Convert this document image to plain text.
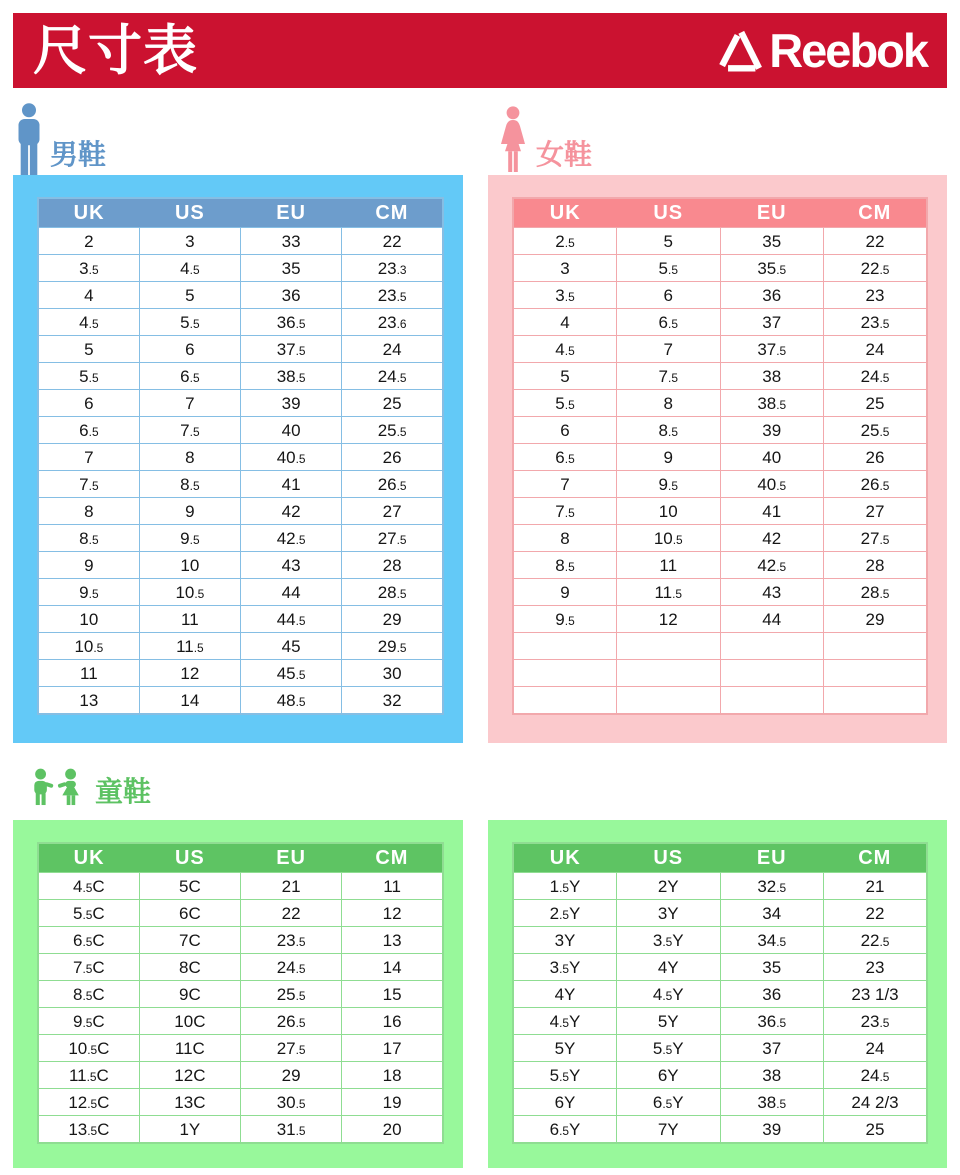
尺寸表	Reebok
男鞋	女鞋
童鞋
UK	US	EU	CM
2	3	33	22
3.5	4.5	35	23.3
4	5	36	23.5
4.5	5.5	36.5	23.6
5	6	37.5	24
5.5	6.5	38.5	24.5
6	7	39	25
6.5	7.5	40	25.5
7	8	40.5	26
7.5	8.5	41	26.5
8	9	42	27
8.5	9.5	42.5	27.5
9	10	43	28
9.5	10.5	44	28.5
10	11	44.5	29
10.5	11.5	45	29.5
11	12	45.5	30
13	14	48.5	32
UK	US	EU	CM
2.5	5	35	22
3	5.5	35.5	22.5
3.5	6	36	23
4	6.5	37	23.5
4.5	7	37.5	24
5	7.5	38	24.5
5.5	8	38.5	25
6	8.5	39	25.5
6.5	9	40	26
7	9.5	40.5	26.5
7.5	10	41	27
8	10.5	42	27.5
8.5	11	42.5	28
9	11.5	43	28.5
9.5	12	44	29

UK	US	EU	CM
4.5C	5C	21	11
5.5C	6C	22	12
6.5C	7C	23.5	13
7.5C	8C	24.5	14
8.5C	9C	25.5	15
9.5C	10C	26.5	16
10.5C	11C	27.5	17
11.5C	12C	29	18
12.5C	13C	30.5	19
13.5C	1Y	31.5	20
UK	US	EU	CM
1.5Y	2Y	32.5	21
2.5Y	3Y	34	22
3Y	3.5Y	34.5	22.5
3.5Y	4Y	35	23
4Y	4.5Y	36	23 1/3
4.5Y	5Y	36.5	23.5
5Y	5.5Y	37	24
5.5Y	6Y	38	24.5
6Y	6.5Y	38.5	24 2/3
6.5Y	7Y	39	25
